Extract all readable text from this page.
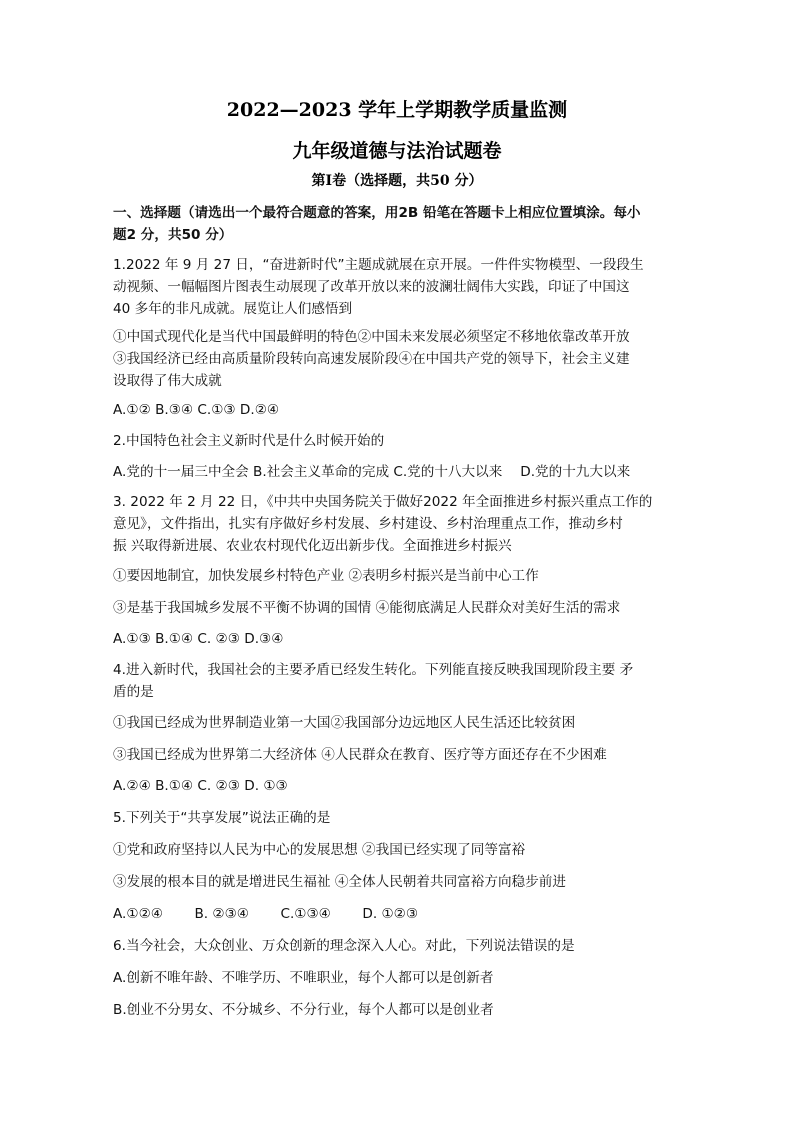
2022—2023 学年上学期教学质量监测
九年级道德与法治试题卷
第Ⅰ卷（选择题，共50 分）
一、选择题（请选出一个最符合题意的答案，用2B 铅笔在答题卡上相应位置填涂。每小
题2 分，共50 分）
1.2022 年 9 月 27 日，“奋进新时代”主题成就展在京开展。一件件实物模型、一段段生
动视频、一幅幅图片图表生动展现了改革开放以来的波澜壮阔伟大实践，印证了中国这
40 多年的非凡成就。展览让人们感悟到
①中国式现代化是当代中国最鲜明的特色②中国未来发展必须坚定不移地依靠改革开放
③我国经济已经由高质量阶段转向高速发展阶段④在中国共产党的领导下，社会主义建
设取得了伟大成就
A.①② B.③④ C.①③ D.②④
2.中国特色社会主义新时代是什么时候开始的
A.党的十一届三中全会 B.社会主义革命的完成 C.党的十八大以来　 D.党的十九大以来
3. 2022 年 2 月 22 日，《中共中央国务院关于做好2022 年全面推进乡村振兴重点工作的
意见》，文件指出，扎实有序做好乡村发展、乡村建设、乡村治理重点工作，推动乡村
振 兴取得新进展、农业农村现代化迈出新步伐。全面推进乡村振兴
①要因地制宜，加快发展乡村特色产业 ②表明乡村振兴是当前中心工作
③是基于我国城乡发展不平衡不协调的国情 ④能彻底满足人民群众对美好生活的需求
A.①③ B.①④ C. ②③ D.③④
4.进入新时代，我国社会的主要矛盾已经发生转化。下列能直接反映我国现阶段主要 矛
盾的是
①我国已经成为世界制造业第一大国②我国部分边远地区人民生活还比较贫困
③我国已经成为世界第二大经济体 ④人民群众在教育、医疗等方面还存在不少困难
A.②④ B.①④ C. ②③ D. ①③
5.下列关于“共享发展”说法正确的是
①党和政府坚持以人民为中心的发展思想 ②我国已经实现了同等富裕
③发展的根本目的就是增进民生福祉 ④全体人民朝着共同富裕方向稳步前进
A.①②④　　 B. ②③④　　 C.①③④　　 D. ①②③
6.当今社会，大众创业、万众创新的理念深入人心。对此，下列说法错误的是
A.创新不唯年龄、不唯学历、不唯职业，每个人都可以是创新者
B.创业不分男女、不分城乡、不分行业，每个人都可以是创业者
